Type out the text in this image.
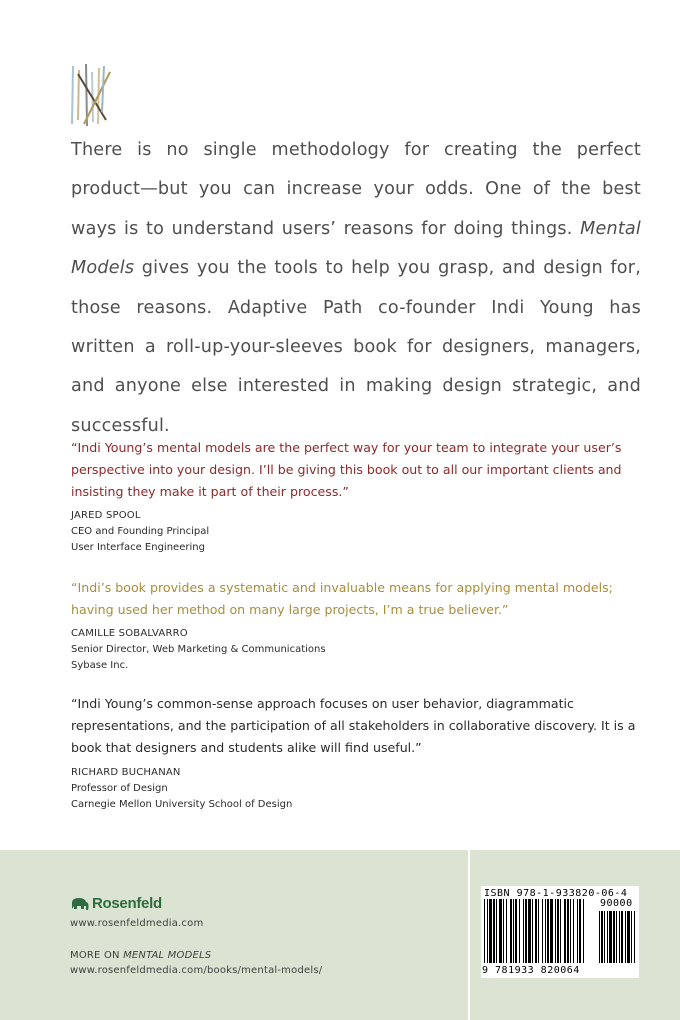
There is no single methodology for creating the perfect product—but you can increase your odds. One of the best ways is to understand users’ reasons for doing things. Mental Models gives you the tools to help you grasp, and design for, those reasons. Adaptive Path co-founder Indi Young has written a roll-up-your-sleeves book for designers, managers, and anyone else interested in making design strategic, and successful.

“Indi Young’s mental models are the perfect way for your team to integrate your user’s perspective into your design. I’ll be giving this book out to all our important clients and insisting they make it part of their process.”

JARED SPOOL
CEO and Founding Principal
User Interface Engineering

“Indi’s book provides a systematic and invaluable means for applying mental models; having used her method on many large projects, I’m a true believer.”

CAMILLE SOBALVARRO
Senior Director, Web Marketing & Communications
Sybase Inc.

“Indi Young’s common-sense approach focuses on user behavior, diagrammatic representations, and the participation of all stakeholders in collaborative discovery. It is a book that designers and students alike will find useful.”

RICHARD BUCHANAN
Professor of Design
Carnegie Mellon University School of Design
Rosenfeld

www.rosenfeldmedia.com

MORE ON MENTAL MODELS

www.rosenfeldmedia.com/books/mental-models/

ISBN 978-1-933820-06-4
90000
9 781933 820064
